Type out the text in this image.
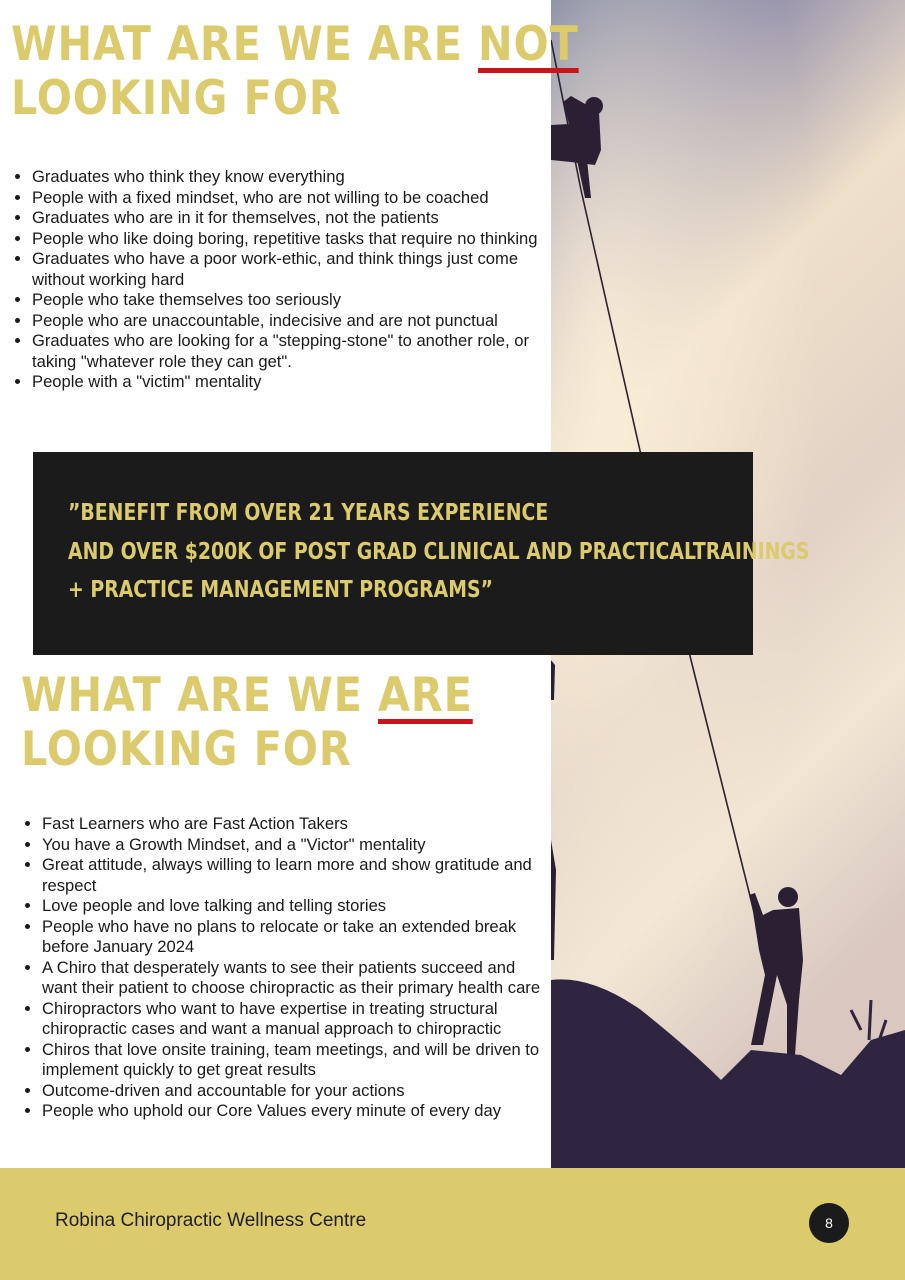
WHAT ARE WE ARE NOT
LOOKING FOR
• Graduates who think they know everything
• People with a fixed mindset, who are not willing to be coached
• Graduates who are in it for themselves, not the patients
• People who like doing boring, repetitive tasks that require no thinking
• Graduates who have a poor work-ethic, and think things just come without working hard
• People who take themselves too seriously
• People who are unaccountable, indecisive and are not punctual
• Graduates who are looking for a "stepping-stone" to another role, or taking "whatever role they can get".
• People with a "victim" mentality
”BENEFIT FROM OVER 21 YEARS EXPERIENCE
AND OVER $200K OF POST GRAD CLINICAL AND PRACTICALTRAININGS
+ PRACTICE MANAGEMENT PROGRAMS”
WHAT ARE WE ARE
LOOKING FOR
• Fast Learners who are Fast Action Takers
• You have a Growth Mindset, and a "Victor" mentality
• Great attitude, always willing to learn more and show gratitude and respect
• Love people and love talking and telling stories
• People who have no plans to relocate or take an extended break before January 2024
• A Chiro that desperately wants to see their patients succeed and want their patient to choose chiropractic as their primary health care
• Chiropractors who want to have expertise in treating structural chiropractic cases and want a manual approach to chiropractic
• Chiros that love onsite training, team meetings, and will be driven to implement quickly to get great results
• Outcome-driven and accountable for your actions
• People who uphold our Core Values every minute of every day
Robina Chiropractic Wellness Centre	8
